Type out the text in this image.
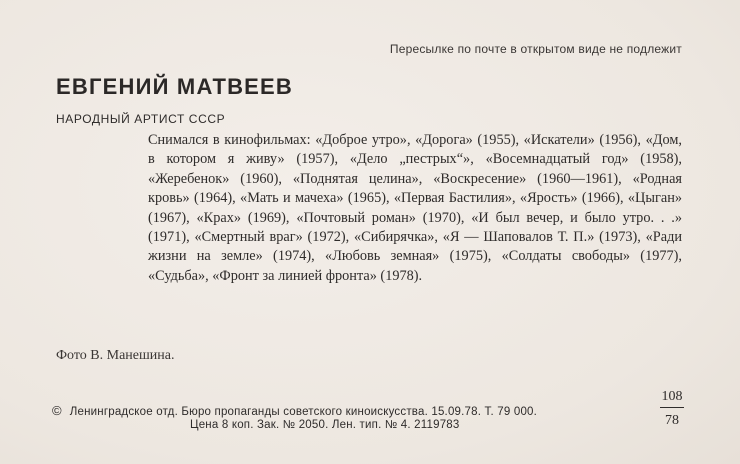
Пересылке по почте в открытом виде не подлежит
ЕВГЕНИЙ МАТВЕЕВ
НАРОДНЫЙ АРТИСТ СССР
Снимался в кинофильмах: «Доброе утро», «Дорога» (1955), «Искатели» (1956), «Дом, в котором я живу» (1957), «Дело „пестрых“», «Восемнадцатый год» (1958), «Жеребенок» (1960), «Поднятая целина», «Воскресение» (1960—1961), «Родная кровь» (1964), «Мать и мачеха» (1965), «Первая Бастилия», «Ярость» (1966), «Цыган» (1967), «Крах» (1969), «Почтовый роман» (1970), «И был вечер, и было утро. . .» (1971), «Смертный враг» (1972), «Сибирячка», «Я — Шаповалов Т. П.» (1973), «Ради жизни на земле» (1974), «Любовь земная» (1975), «Солдаты свободы» (1977), «Судьба», «Фронт за линией фронта» (1978).
Фото В. Манешина.
© Ленинградское отд. Бюро пропаганды советского киноискусства. 15.09.78. Т. 79 000.
Цена 8 коп. Зак. № 2050. Лен. тип. № 4. 2119783
108
78
